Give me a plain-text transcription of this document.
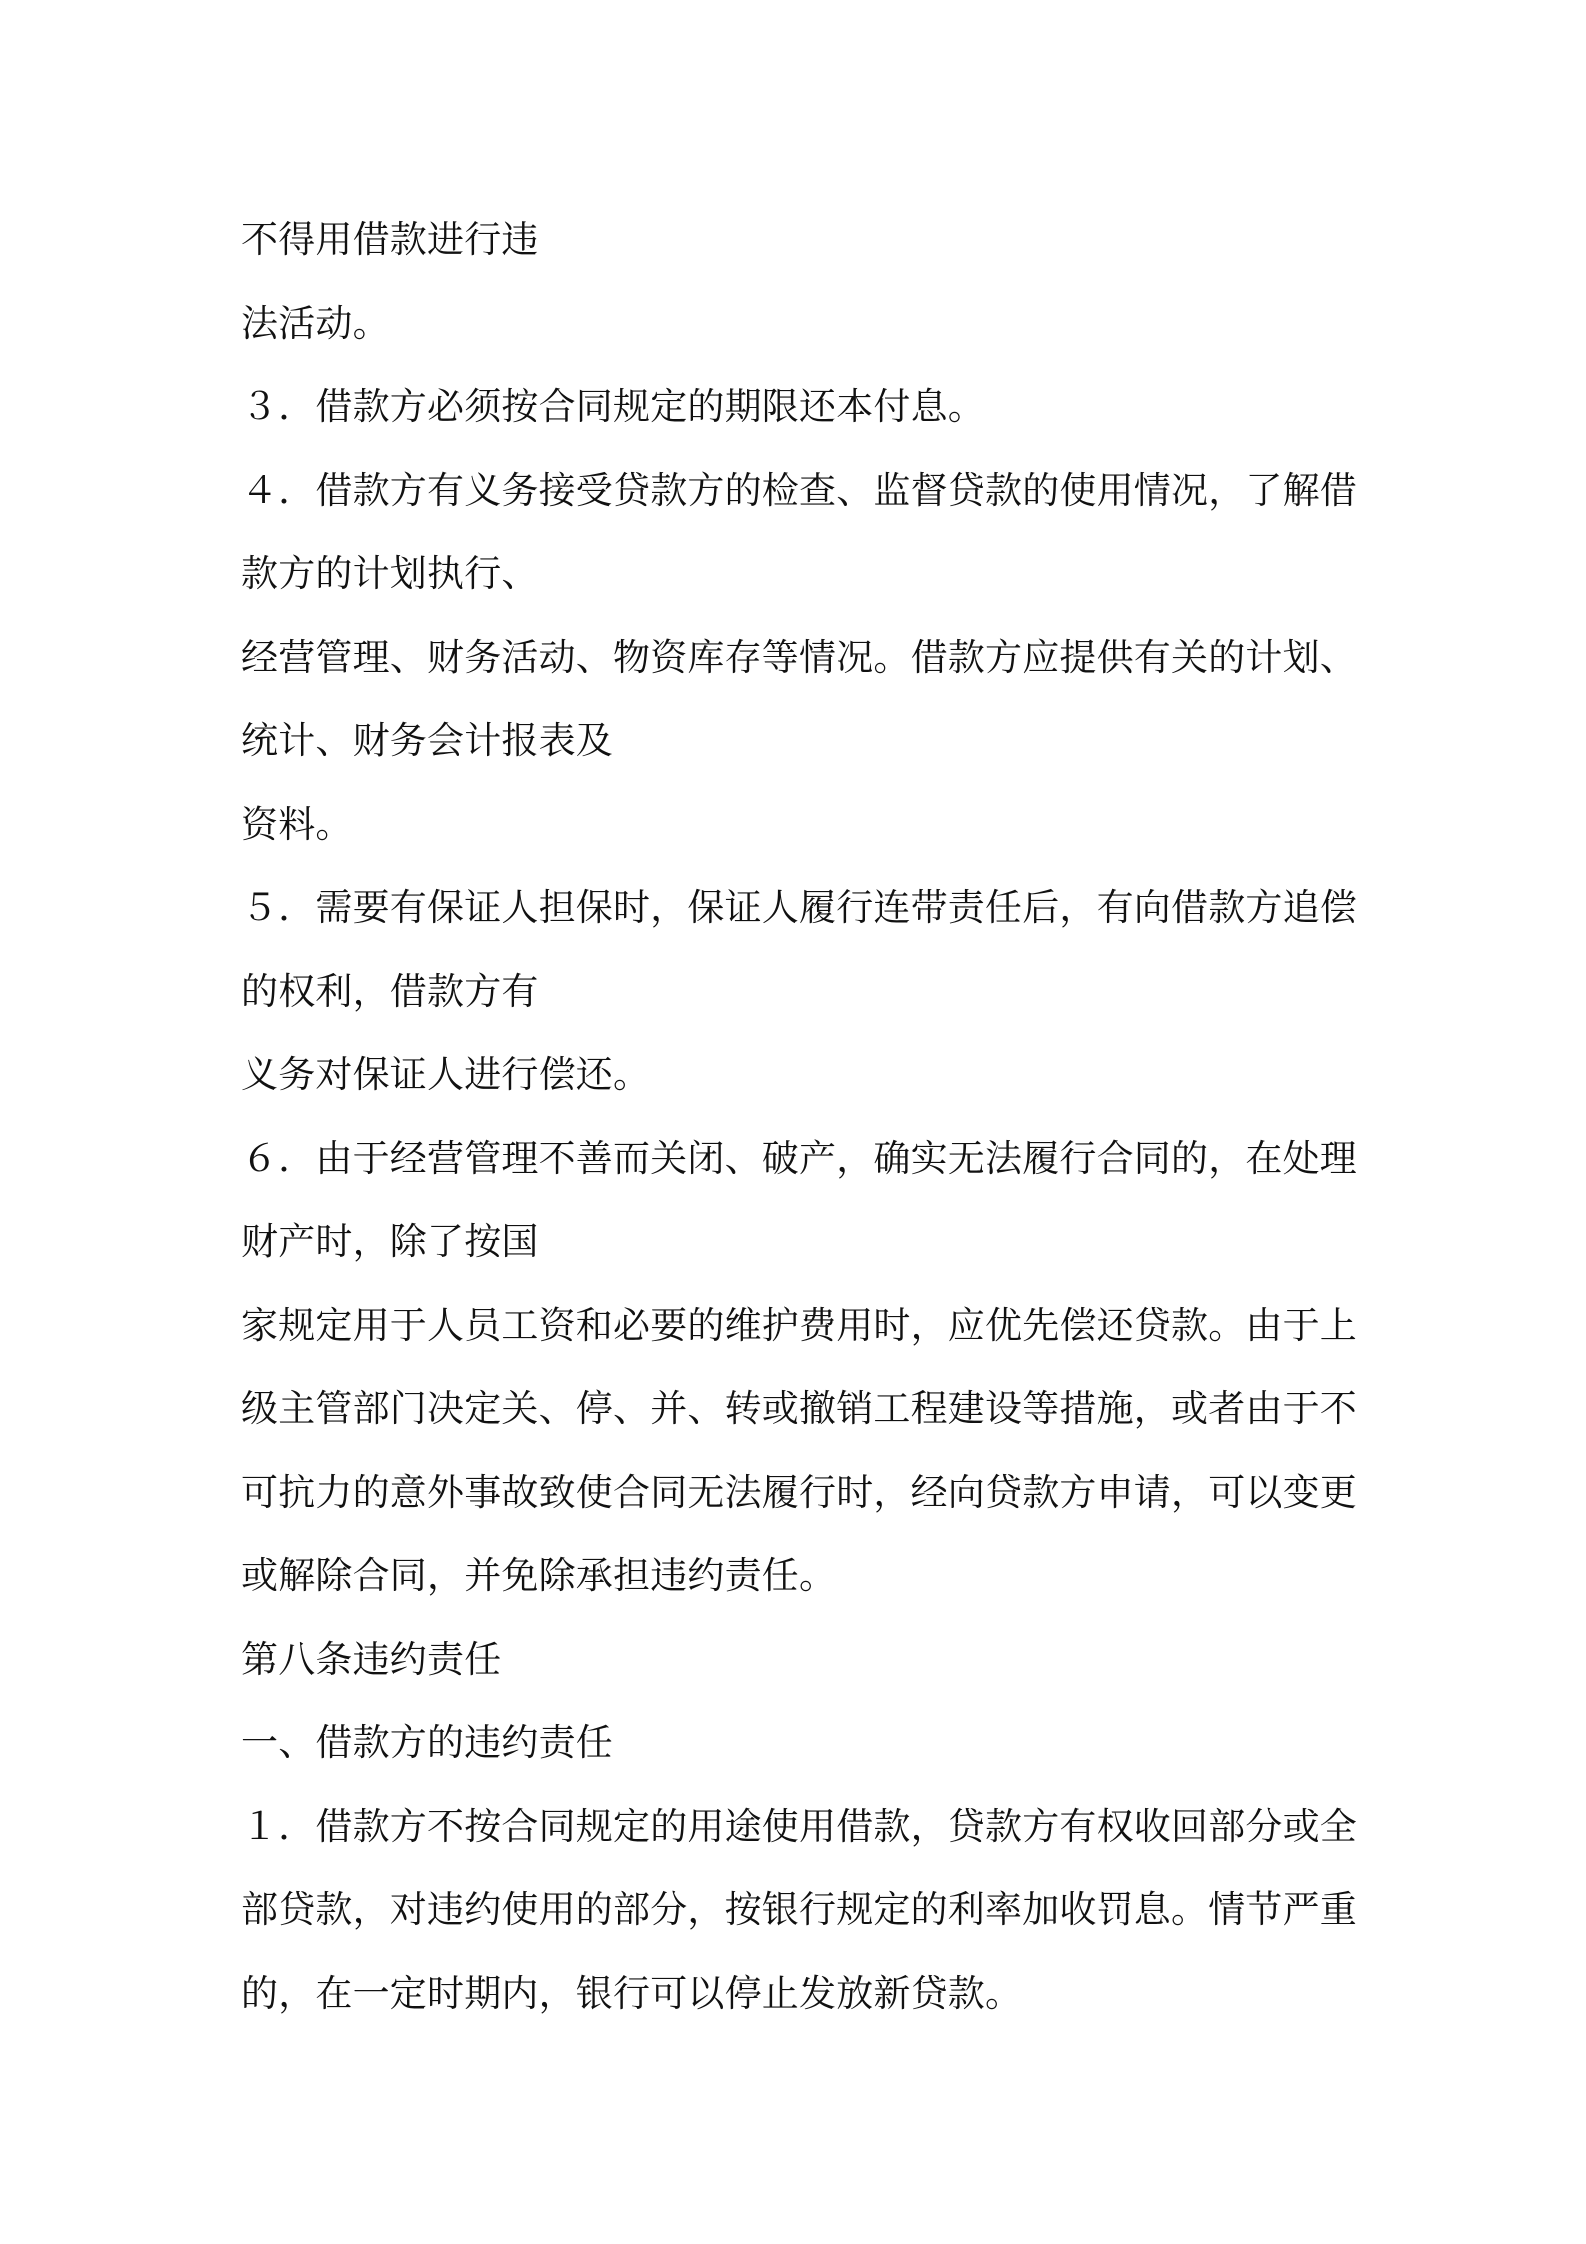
不得用借款进行违
法活动。
３．借款方必须按合同规定的期限还本付息。
４．借款方有义务接受贷款方的检查、监督贷款的使用情况，了解借
款方的计划执行、
经营管理、财务活动、物资库存等情况。借款方应提供有关的计划、
统计、财务会计报表及
资料。
５．需要有保证人担保时，保证人履行连带责任后，有向借款方追偿
的权利，借款方有
义务对保证人进行偿还。
６．由于经营管理不善而关闭、破产，确实无法履行合同的，在处理
财产时，除了按国
家规定用于人员工资和必要的维护费用时，应优先偿还贷款。由于上
级主管部门决定关、停、并、转或撤销工程建设等措施，或者由于不
可抗力的意外事故致使合同无法履行时，经向贷款方申请，可以变更
或解除合同，并免除承担违约责任。
第八条违约责任
一、借款方的违约责任
１．借款方不按合同规定的用途使用借款，贷款方有权收回部分或全
部贷款，对违约使用的部分，按银行规定的利率加收罚息。情节严重
的，在一定时期内，银行可以停止发放新贷款。
